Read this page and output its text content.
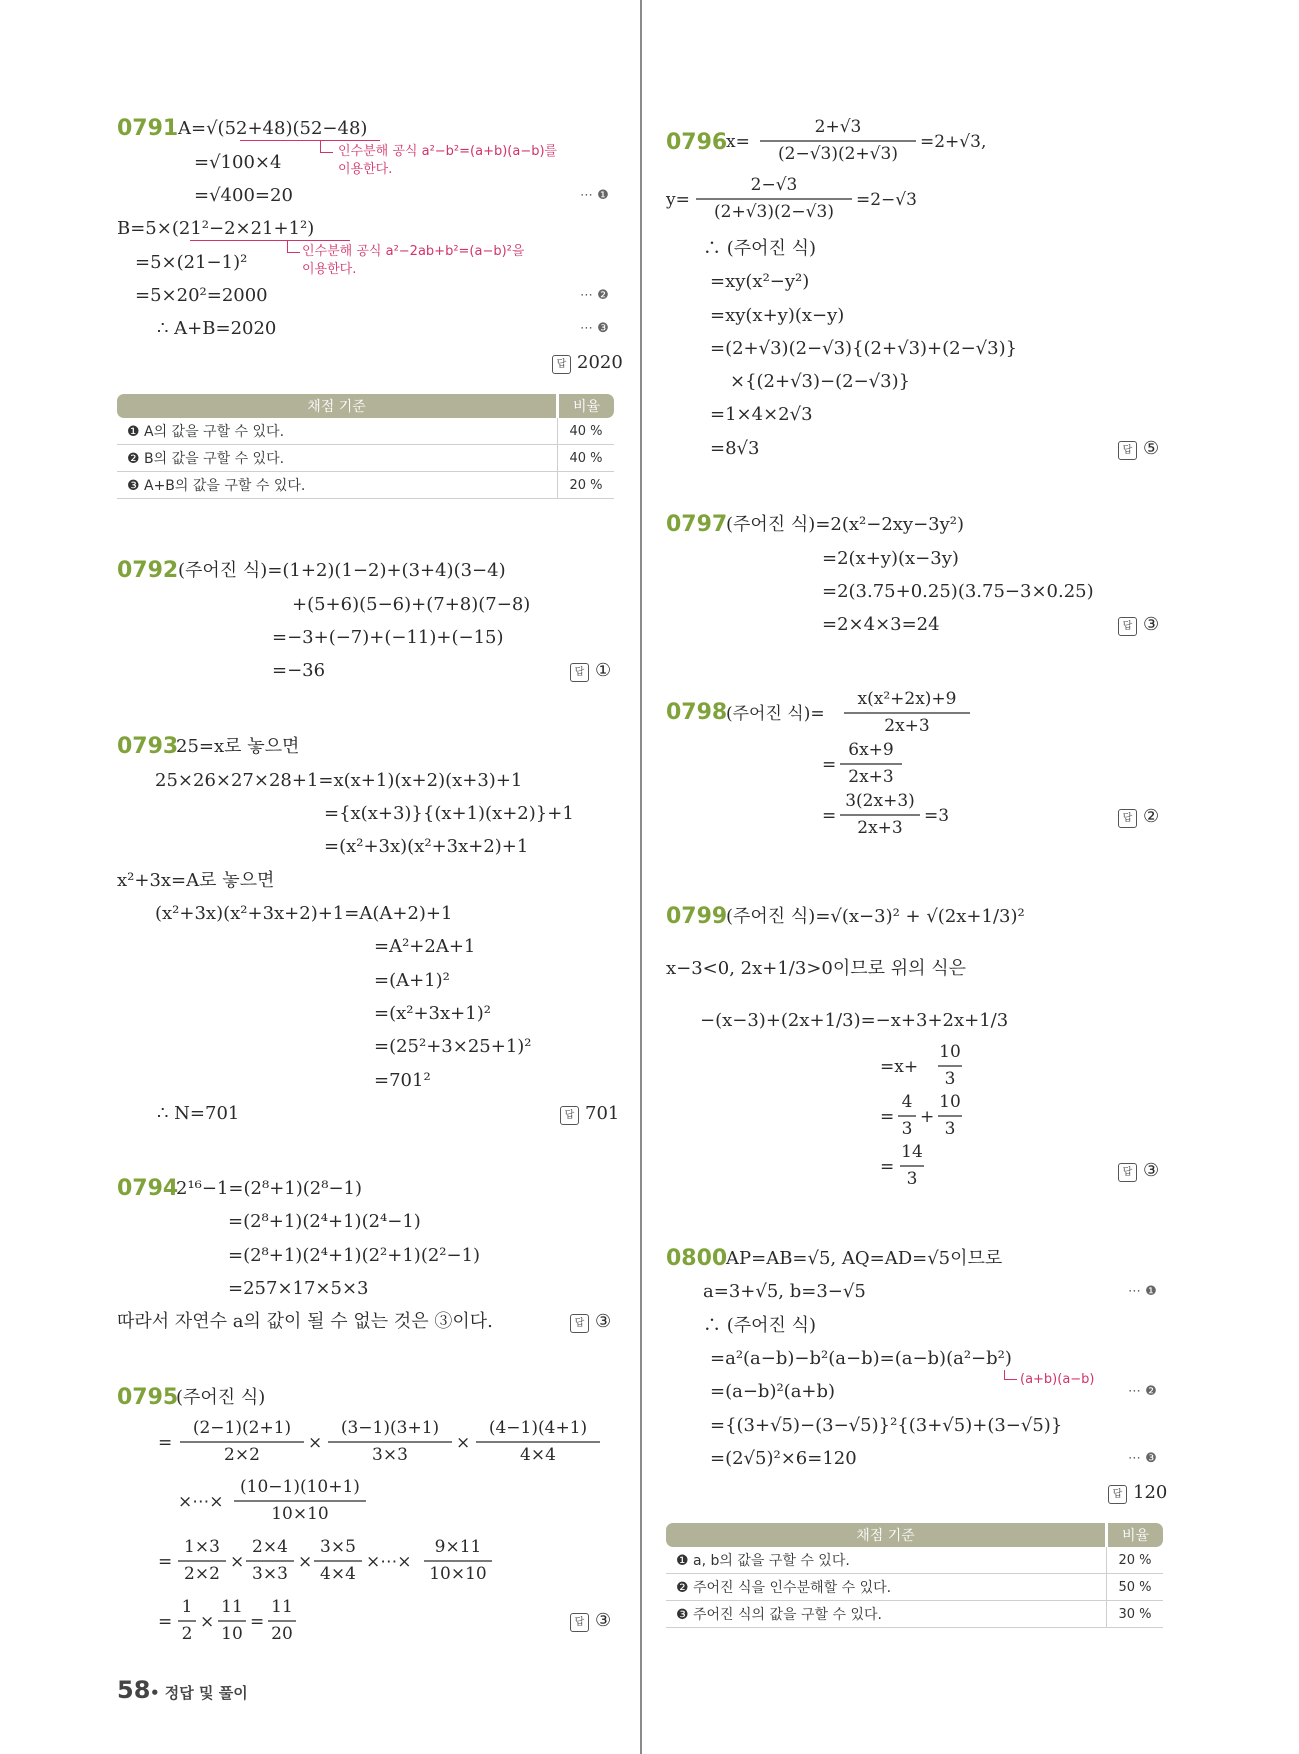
0791 A=√(52+48)(52−48)
=√100×4
=√400=20
B=5×(21²−2×21+1²)
=5×(21−1)²
=5×20²=2000
∴ A+B=2020
인수분해 공식 a²−b²=(a+b)(a−b)를
이용한다.
인수분해 공식 a²−2ab+b²=(a−b)²을
이용한다.
⋯ ❶
⋯ ❷
⋯ ❸
답 2020
채점 기준	비율
❶ A의 값을 구할 수 있다.	40 %
❷ B의 값을 구할 수 있다.	40 %
❸ A+B의 값을 구할 수 있다.	20 %
0792 (주어진 식)=(1+2)(1−2)+(3+4)(3−4)
+(5+6)(5−6)+(7+8)(7−8)
=−3+(−7)+(−11)+(−15)
=−36	답 ①
0793
25=x로 놓으면
25×26×27×28+1=x(x+1)(x+2)(x+3)+1
={x(x+3)}{(x+1)(x+2)}+1
=(x²+3x)(x²+3x+2)+1
x²+3x=A로 놓으면
(x²+3x)(x²+3x+2)+1=A(A+2)+1
=A²+2A+1
=(A+1)²
=(x²+3x+1)²
=(25²+3×25+1)²
=701²
∴ N=701	답 701
0794
2¹⁶−1=(2⁸+1)(2⁸−1)
=(2⁸+1)(2⁴+1)(2⁴−1)
=(2⁸+1)(2⁴+1)(2²+1)(2²−1)
=257×17×5×3
따라서 자연수 a의 값이 될 수 없는 것은 ③이다.	답 ③
0795
(주어진 식)
=
(2−1)(2+1)
2×2
×
(3−1)(3+1)
3×3
×
(4−1)(4+1)
4×4
×⋯×
(10−1)(10+1)
10×10
=
1×3
2×2
×
2×4
3×3
×
3×5
4×4
×⋯×
9×11
10×10
=
1
2
×
11
10
=
11
20
답 ③
58 • 정답 및 풀이
0796
x=
2+√3
(2−√3)(2+√3)
=2+√3,
y=
2−√3
(2+√3)(2−√3)
=2−√3
∴ (주어진 식)
=xy(x²−y²)
=xy(x+y)(x−y)
=(2+√3)(2−√3){(2+√3)+(2−√3)}
×{(2+√3)−(2−√3)}
=1×4×2√3
=8√3	답 ⑤
0797
(주어진 식)=2(x²−2xy−3y²)
=2(x+y)(x−3y)
=2(3.75+0.25)(3.75−3×0.25)
=2×4×3=24	답 ③
0798
(주어진 식)=
x(x²+2x)+9
2x+3
=
6x+9
2x+3
=
3(2x+3)
2x+3
=3	답 ②
0799
(주어진 식)=√(x−3)² + √(2x+1/3)²
x−3<0, 2x+1/3>0이므로 위의 식은
−(x−3)+(2x+1/3)=−x+3+2x+1/3
=x+
10
3
=
4
3
+
10
3
=
14
3	답 ③
0800
AP=AB=√5, AQ=AD=√5이므로
a=3+√5, b=3−√5
∴ (주어진 식)
=a²(a−b)−b²(a−b)=(a−b)(a²−b²)
=(a−b)²(a+b)
={(3+√5)−(3−√5)}²{(3+√5)+(3−√5)}
=(2√5)²×6=120
(a+b)(a−b)
⋯ ❶
⋯ ❷
⋯ ❸
답 120
채점 기준	비율
❶ a, b의 값을 구할 수 있다.	20 %
❷ 주어진 식을 인수분해할 수 있다.	50 %
❸ 주어진 식의 값을 구할 수 있다.	30 %
